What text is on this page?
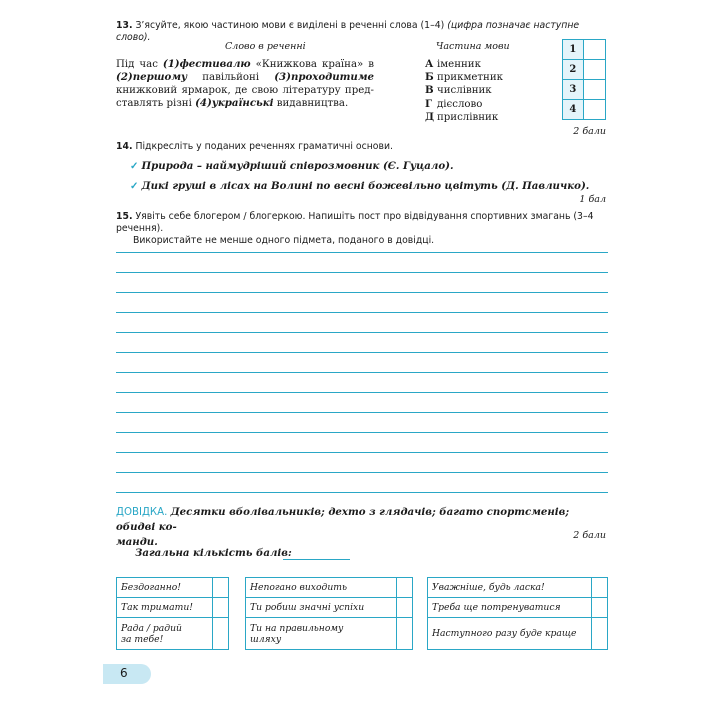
13. З’ясуйте, якою частиною мови є виділені в реченні слова (1–4) (цифра позначає наступне слово).
Слово в реченні
Під час (1)фестивалю «Книжкова країна» в (2)першому павільйоні (3)проходитиме книжковий ярмарок, де свою літературу пред-
ставлять різні (4)українські видавництва.
Частина мови
А іменник
Б прикметник
В числівник
Г дієслово
Д прислівник
1	
2	
3	
4	
2 бали
14. Підкресліть у поданих реченнях граматичні основи.
✓ Природа – наймудріший співрозмовник (Є. Гуцало).
✓ Дикі груші в лісах на Волині по весні божевільно цвітуть (Д. Павличко).
1 бал
15. Уявіть себе блогером / блогеркою. Напишіть пост про відвідування спортивних змагань (3–4 речення).
Використайте не менше одного підмета, поданого в довідці.
ДОВІДКА. Десятки вболівальників; дехто з глядачів; багато спортсменів; обидві ко-
манди.
2 бали
Загальна кількість балів:
Бездоганно!	
Так тримати!	

Рада / радий
за тебе!	

Непогано виходить	
Ти робиш значні успіхи	

Ти на правильному
шляху	

Уважніше, будь ласка!	
Треба ще потренуватися	
Наступного разу буде краще	
6
